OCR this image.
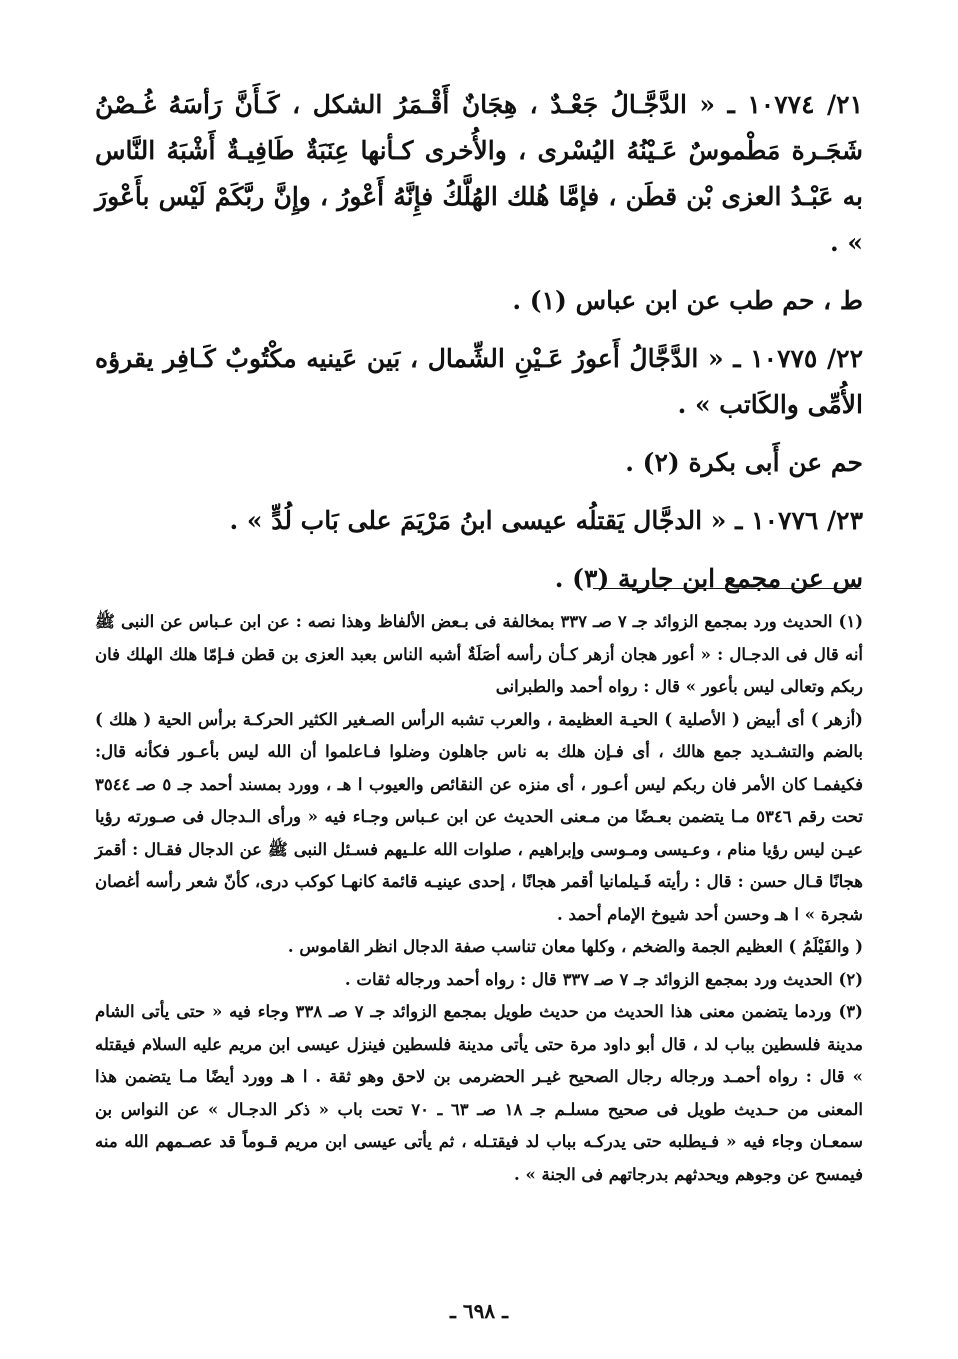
٢١/ ١٠٧٧٤ ـ « الدَّجَّـالُ جَعْـدٌ ، هِجَانٌ أَقْـمَرُ الشكل ، كَـأَنَّ رَأسَهُ غُـصْنُ شَجَـرة مَطْموسٌ عَـيْنُهُ اليُسْرى ، والأُخرى كـأنها عِنَبَةٌ طَافِيـةٌ أَشْبَهُ النَّاس به عَبْـدُ العزى بْن قطَن ، فإمَّا هُلك الهُلَّكُ فإِنَّهُ أَعْورُ ، وإِنَّ ربَّكَمْ لَيْس بأَعْورَ » .

ط ، حم طب عن ابن عباس (١) .

٢٢/ ١٠٧٧٥ ـ « الدَّجَّالُ أَعورُ عَـيْنِ الشِّمال ، بَين عَينيه مكْتُوبٌ كَـافِر يقرؤه الأُمِّى والكَاتب » .

حم عن أَبى بكرة (٢) .

٢٣/ ١٠٧٧٦ ـ « الدجَّال يَقتلُه عيسى ابنُ مَرْيَمَ على بَاب لُدٍّ » .

س عن مجمع ابن جارية (٣) .

(١) الحديث ورد بمجمع الزوائد جـ ٧ صـ ٣٣٧ بمخالفة فى بـعض الألفاظ وهذا نصه : عن ابن عـباس عن النبى ﷺ أنه قال فى الدجـال : « أعور هجان أزهر كـأن رأسه أصَلَةٌ أشبه الناس بعبد العزى بن قطن فـإمّا هلك الهلك فان ربكم وتعالى ليس بأعور » قال : رواه أحمد والطبرانى

(أزهر ) أى أبيض ( الأصلية ) الحيـة العظيمة ، والعرب تشبه الرأس الصـغير الكثير الحركـة برأس الحية ( هلك ) بالضم والتشـديد جمع هالك ، أى فـإن هلك به ناس جاهلون وضلوا فـاعلموا أن الله ليس بأعـور فكأنه قال: فكيفمـا كان الأمر فان ربكم ليس أعـور ، أى منزه عن النقائص والعيوب ا هـ ، وورد بمسند أحمد جـ ٥ صـ ٣٥٤٤ تحت رقم ٥٣٤٦ مـا يتضمن بعـضًا من مـعنى الحديث عن ابن عـباس وجـاء فيه « ورأى الـدجال فى صـورته رؤيا عيـن ليس رؤيا منام ، وعـيسى ومـوسى وإبراهيم ، صلوات الله علـيهم فسـئل النبى ﷺ عن الدجال فقـال : أقمرَ هجانًا قـال حسن : قال : رأيته فَـيلمانيا أقمر هجانًا ، إحدى عينيـه قائمة كانهـا كوكب درى، كأنّ شعر رأسه أغصان شجرة » ا هـ وحسن أحد شيوخ الإمام أحمد .

( والفَيْلَمُ ) العظيم الجمة والضخم ، وكلها معان تناسب صفة الدجال انظر القاموس .

(٢) الحديث ورد بمجمع الزوائد جـ ٧ صـ ٣٣٧ قال : رواه أحمد ورجاله ثقات .

(٣) وردما يتضمن معنى هذا الحديث من حديث طويل بمجمع الزوائد جـ ٧ صـ ٣٣٨ وجاء فيه « حتى يأتى الشام مدينة فلسطين بباب لد ، قال أبو داود مرة حتى يأتى مدينة فلسطين فينزل عيسى ابن مريم عليه السلام فيقتله » قال : رواه أحمـد ورجاله رجال الصحيح غيـر الحضرمى بن لاحق وهو ثقة . ا هـ وورد أيضًا مـا يتضمن هذا المعنى من حـديث طويل فى صحيح مسلـم جـ ١٨ صـ ٦٣ ـ ٧٠ تحت باب « ذكر الدجـال » عن النواس بن سمعـان وجاء فيه « فـيطلبه حتى يدركـه بباب لد فيقتـله ، ثم يأتى عيسى ابن مريم قـوماً قد عصـمهم الله منه فيمسح عن وجوهم ويحدثهم بدرجاتهم فى الجنة » .

ـ ٦٩٨ ـ
